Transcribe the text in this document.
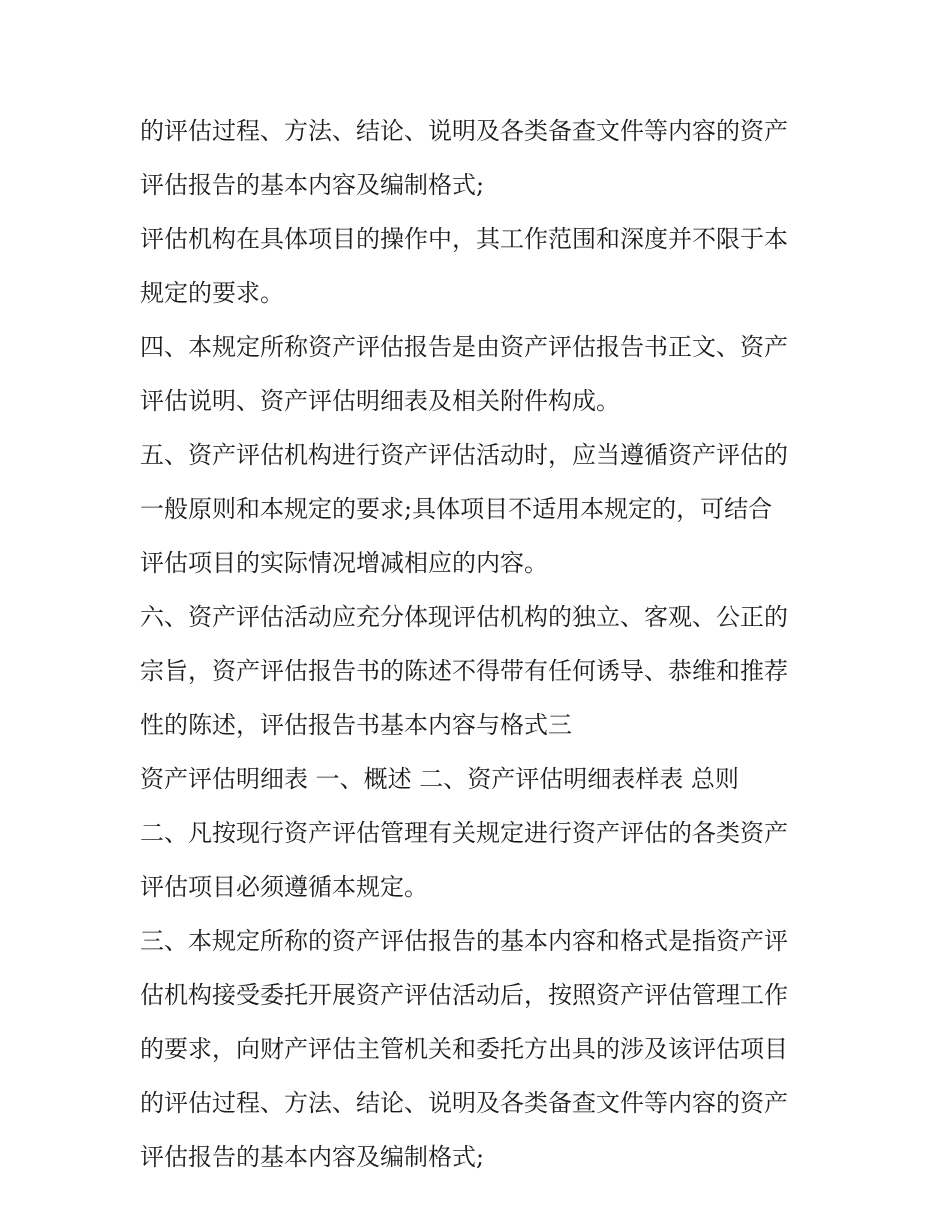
的评估过程、方法、结论、说明及各类备查文件等内容的资产
评估报告的基本内容及编制格式;
评估机构在具体项目的操作中，其工作范围和深度并不限于本
规定的要求。
四、本规定所称资产评估报告是由资产评估报告书正文、资产
评估说明、资产评估明细表及相关附件构成。
五、资产评估机构进行资产评估活动时，应当遵循资产评估的
一般原则和本规定的要求;具体项目不适用本规定的，可结合
评估项目的实际情况增减相应的内容。
六、资产评估活动应充分体现评估机构的独立、客观、公正的
宗旨，资产评估报告书的陈述不得带有任何诱导、恭维和推荐
性的陈述，评估报告书基本内容与格式三
资产评估明细表 一、概述 二、资产评估明细表样表 总则
二、凡按现行资产评估管理有关规定进行资产评估的各类资产
评估项目必须遵循本规定。
三、本规定所称的资产评估报告的基本内容和格式是指资产评
估机构接受委托开展资产评估活动后，按照资产评估管理工作
的要求，向财产评估主管机关和委托方出具的涉及该评估项目
的评估过程、方法、结论、说明及各类备查文件等内容的资产
评估报告的基本内容及编制格式;
